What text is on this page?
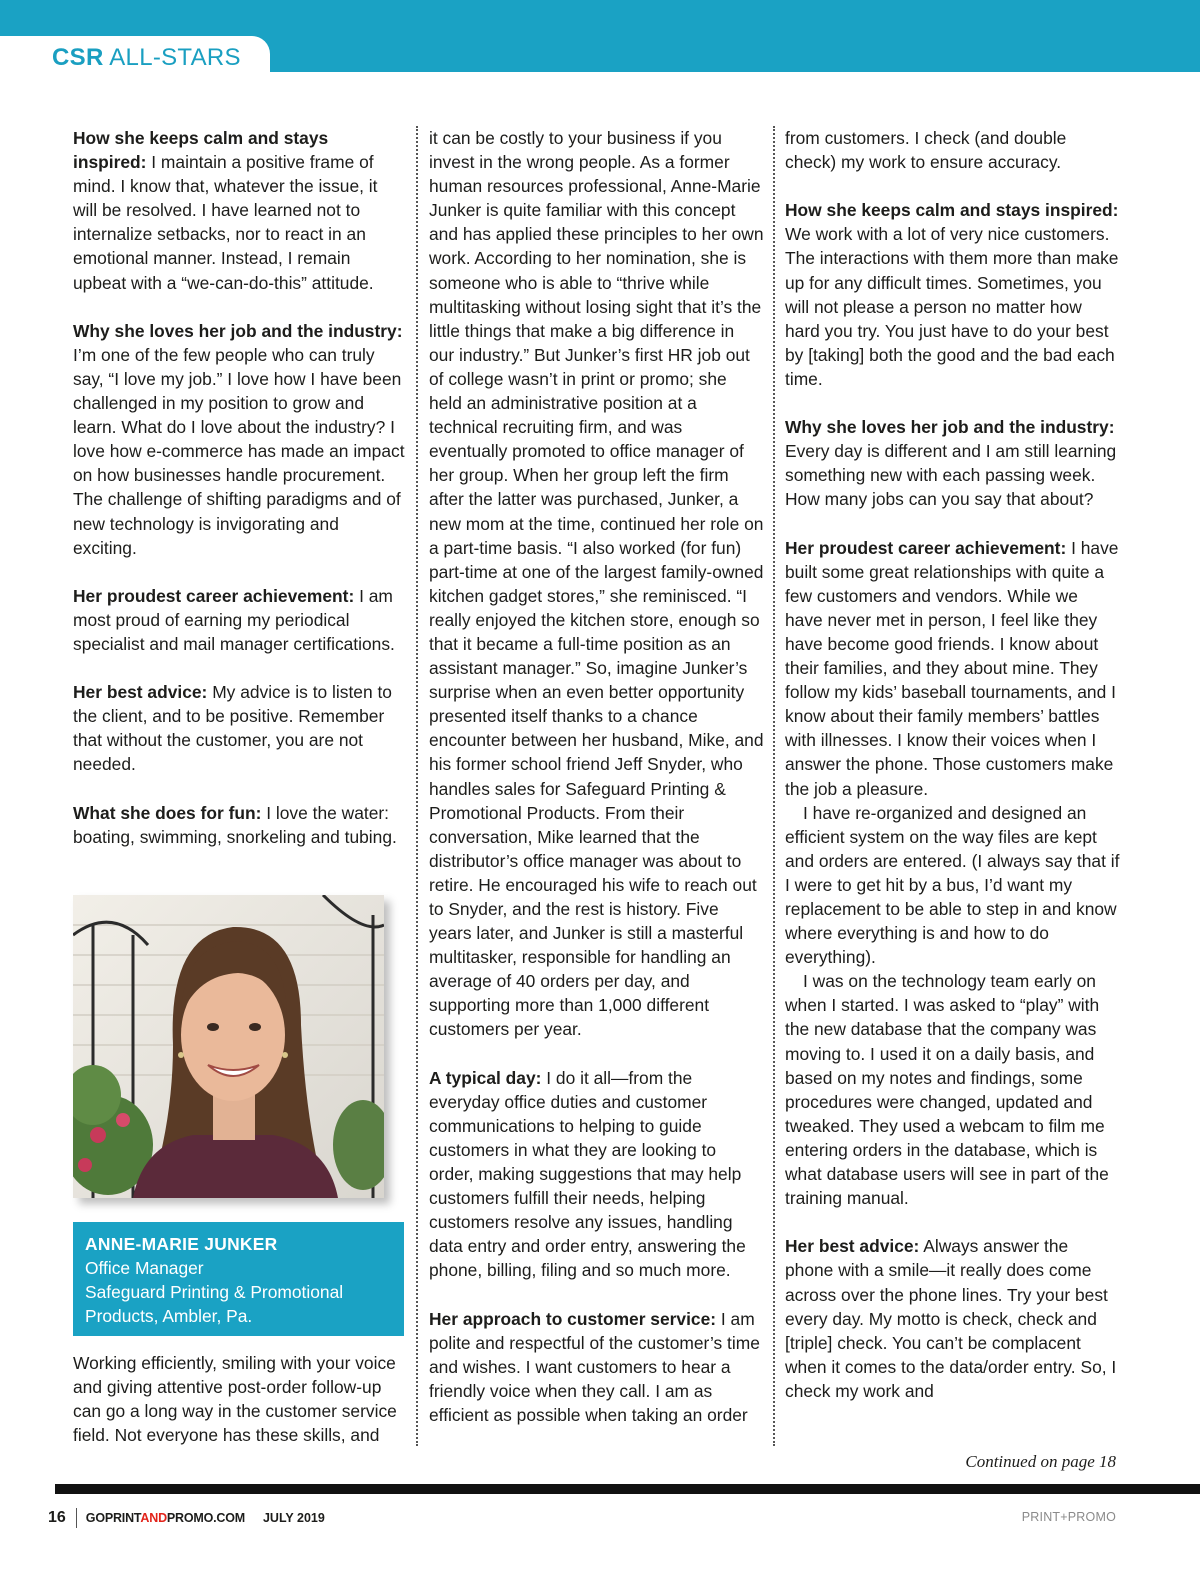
CSR ALL-STARS

How she keeps calm and stays inspired: I maintain a positive frame of mind. I know that, whatever the issue, it will be resolved. I have learned not to internalize setbacks, nor to react in an emotional manner. Instead, I remain upbeat with a “we-can-do-this” attitude.

Why she loves her job and the industry: I’m one of the few people who can truly say, “I love my job.” I love how I have been challenged in my position to grow and learn. What do I love about the industry? I love how e-commerce has made an impact on how businesses handle procurement. The challenge of shifting paradigms and of new technology is invigorating and exciting.

Her proudest career achievement: I am most proud of earning my periodical specialist and mail manager certifications.

Her best advice: My advice is to listen to the client, and to be positive. Remember that without the customer, you are not needed.

What she does for fun: I love the water: boating, swimming, snorkeling and tubing.

ANNE-MARIE JUNKER
Office Manager
Safeguard Printing & Promotional Products, Ambler, Pa.
Working efficiently, smiling with your voice and giving attentive post-order follow-up can go a long way in the customer service field. Not everyone has these skills, and

it can be costly to your business if you invest in the wrong people. As a former human resources professional, Anne-Marie Junker is quite familiar with this concept and has applied these principles to her own work. According to her nomination, she is someone who is able to “thrive while multitasking without losing sight that it’s the little things that make a big difference in our industry.” But Junker’s first HR job out of college wasn’t in print or promo; she held an administrative position at a technical recruiting firm, and was eventually promoted to office manager of her group. When her group left the firm after the latter was purchased, Junker, a new mom at the time, continued her role on a part-time basis. “I also worked (for fun) part-time at one of the largest family-owned kitchen gadget stores,” she reminisced. “I really enjoyed the kitchen store, enough so that it became a full-time position as an assistant manager.” So, imagine Junker’s surprise when an even better opportunity presented itself thanks to a chance encounter between her husband, Mike, and his former school friend Jeff Snyder, who handles sales for Safeguard Printing & Promotional Products. From their conversation, Mike learned that the distributor’s office manager was about to retire. He encouraged his wife to reach out to Snyder, and the rest is history. Five years later, and Junker is still a masterful multitasker, responsible for handling an average of 40 orders per day, and supporting more than 1,000 different customers per year.

A typical day: I do it all—from the everyday office duties and customer communications to helping to guide customers in what they are looking to order, making suggestions that may help customers fulfill their needs, helping customers resolve any issues, handling data entry and order entry, answering the phone, billing, filing and so much more.

Her approach to customer service: I am polite and respectful of the customer’s time and wishes. I want customers to hear a friendly voice when they call. I am as efficient as possible when taking an order

from customers. I check (and double check) my work to ensure accuracy.

How she keeps calm and stays inspired: We work with a lot of very nice customers. The interactions with them more than make up for any difficult times. Sometimes, you will not please a person no matter how hard you try. You just have to do your best by [taking] both the good and the bad each time.

Why she loves her job and the industry: Every day is different and I am still learning something new with each passing week. How many jobs can you say that about?

Her proudest career achievement: I have built some great relationships with quite a few customers and vendors. While we have never met in person, I feel like they have become good friends. I know about their families, and they about mine. They follow my kids’ baseball tournaments, and I know about their family members’ battles with illnesses. I know their voices when I answer the phone. Those customers make the job a pleasure.

I have re-organized and designed an efficient system on the way files are kept and orders are entered. (I always say that if I were to get hit by a bus, I’d want my replacement to be able to step in and know where everything is and how to do everything).

I was on the technology team early on when I started. I was asked to “play” with the new database that the company was moving to. I used it on a daily basis, and based on my notes and findings, some procedures were changed, updated and tweaked. They used a webcam to film me entering orders in the database, which is what database users will see in part of the training manual.

Her best advice: Always answer the phone with a smile—it really does come across over the phone lines. Try your best every day. My motto is check, check and [triple] check. You can’t be complacent when it comes to the data/order entry. So, I check my work and

Continued on page 18
16 GOPRINTANDPROMO.COM JULY 2019	PRINT+PROMO
